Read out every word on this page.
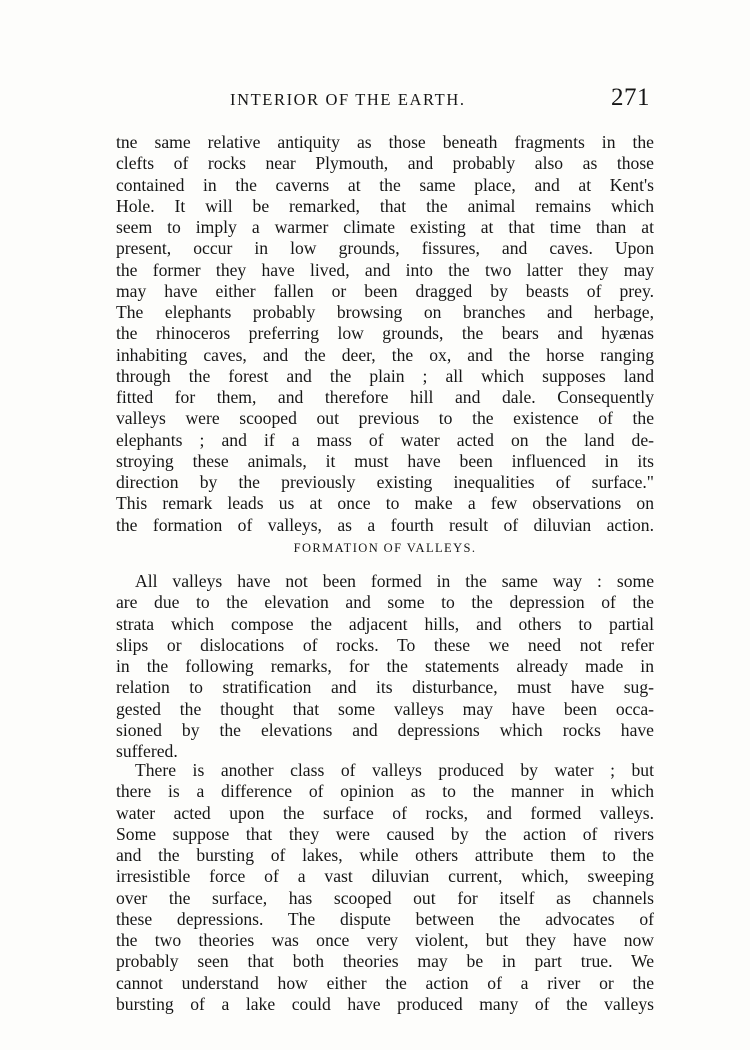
INTERIOR OF THE EARTH.	271
tne same relative antiquity as those beneath fragments in the
clefts of rocks near Plymouth, and probably also as those
contained in the caverns at the same place, and at Kent's
Hole. It will be remarked, that the animal remains which
seem to imply a warmer climate existing at that time than at
present, occur in low grounds, fissures, and caves. Upon
the former they have lived, and into the two latter they may
may have either fallen or been dragged by beasts of prey.
The elephants probably browsing on branches and herbage,
the rhinoceros preferring low grounds, the bears and hyænas
inhabiting caves, and the deer, the ox, and the horse ranging
through the forest and the plain ; all which supposes land
fitted for them, and therefore hill and dale. Consequently
valleys were scooped out previous to the existence of the
elephants ; and if a mass of water acted on the land de-
stroying these animals, it must have been influenced in its
direction by the previously existing inequalities of surface."
This remark leads us at once to make a few observations on
the formation of valleys, as a fourth result of diluvian action.
FORMATION OF VALLEYS.
All valleys have not been formed in the same way : some
are due to the elevation and some to the depression of the
strata which compose the adjacent hills, and others to partial
slips or dislocations of rocks. To these we need not refer
in the following remarks, for the statements already made in
relation to stratification and its disturbance, must have sug-
gested the thought that some valleys may have been occa-
sioned by the elevations and depressions which rocks have
suffered.
There is another class of valleys produced by water ; but
there is a difference of opinion as to the manner in which
water acted upon the surface of rocks, and formed valleys.
Some suppose that they were caused by the action of rivers
and the bursting of lakes, while others attribute them to the
irresistible force of a vast diluvian current, which, sweeping
over the surface, has scooped out for itself as channels
these depressions. The dispute between the advocates of
the two theories was once very violent, but they have now
probably seen that both theories may be in part true. We
cannot understand how either the action of a river or the
bursting of a lake could have produced many of the valleys
